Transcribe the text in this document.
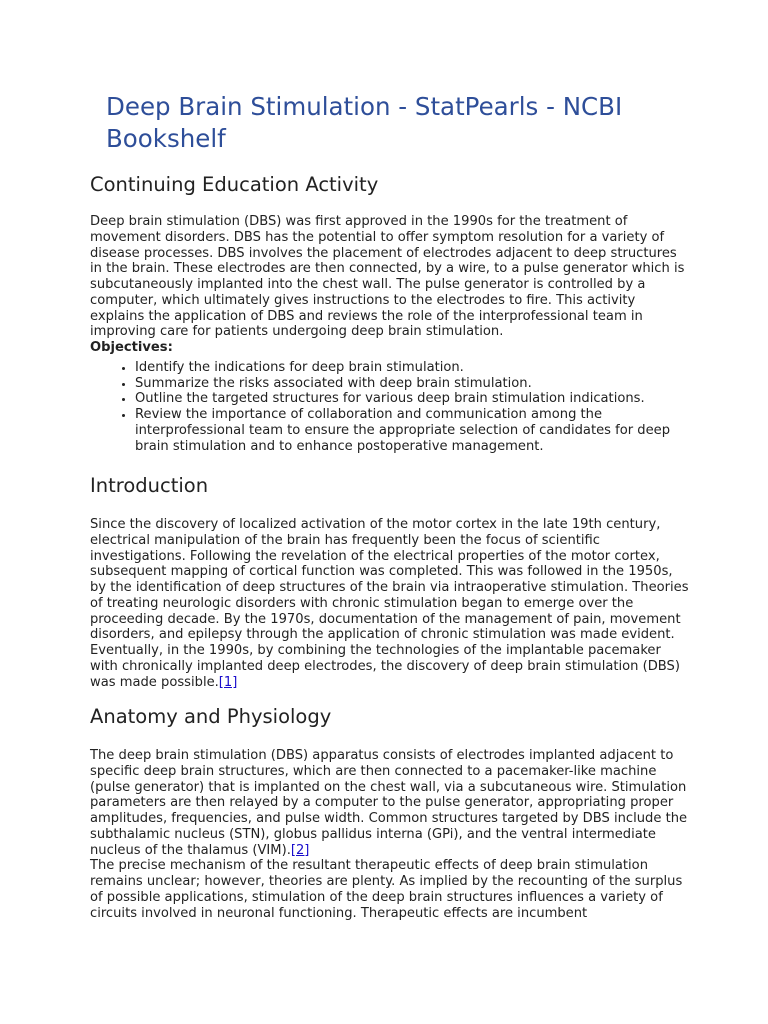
Deep Brain Stimulation - StatPearls - NCBI Bookshelf
Continuing Education Activity

Deep brain stimulation (DBS) was first approved in the 1990s for the treatment of movement disorders. DBS has the potential to offer symptom resolution for a variety of disease processes. DBS involves the placement of electrodes adjacent to deep structures in the brain. These electrodes are then connected, by a wire, to a pulse generator which is subcutaneously implanted into the chest wall. The pulse generator is controlled by a computer, which ultimately gives instructions to the electrodes to fire. This activity explains the application of DBS and reviews the role of the interprofessional team in improving care for patients undergoing deep brain stimulation.

Objectives:

• Identify the indications for deep brain stimulation.
• Summarize the risks associated with deep brain stimulation.
• Outline the targeted structures for various deep brain stimulation indications.
• Review the importance of collaboration and communication among the interprofessional team to ensure the appropriate selection of candidates for deep brain stimulation and to enhance postoperative management.
Introduction

Since the discovery of localized activation of the motor cortex in the late 19th century, electrical manipulation of the brain has frequently been the focus of scientific investigations. Following the revelation of the electrical properties of the motor cortex, subsequent mapping of cortical function was completed. This was followed in the 1950s, by the identification of deep structures of the brain via intraoperative stimulation. Theories of treating neurologic disorders with chronic stimulation began to emerge over the proceeding decade. By the 1970s, documentation of the management of pain, movement disorders, and epilepsy through the application of chronic stimulation was made evident. Eventually, in the 1990s, by combining the technologies of the implantable pacemaker with chronically implanted deep electrodes, the discovery of deep brain stimulation (DBS) was made possible.[1]

Anatomy and Physiology

The deep brain stimulation (DBS) apparatus consists of electrodes implanted adjacent to specific deep brain structures, which are then connected to a pacemaker-like machine (pulse generator) that is implanted on the chest wall, via a subcutaneous wire. Stimulation parameters are then relayed by a computer to the pulse generator, appropriating proper amplitudes, frequencies, and pulse width. Common structures targeted by DBS include the subthalamic nucleus (STN), globus pallidus interna (GPi), and the ventral intermediate nucleus of the thalamus (VIM).[2]

The precise mechanism of the resultant therapeutic effects of deep brain stimulation remains unclear; however, theories are plenty. As implied by the recounting of the surplus of possible applications, stimulation of the deep brain structures influences a variety of circuits involved in neuronal functioning. Therapeutic effects are incumbent
